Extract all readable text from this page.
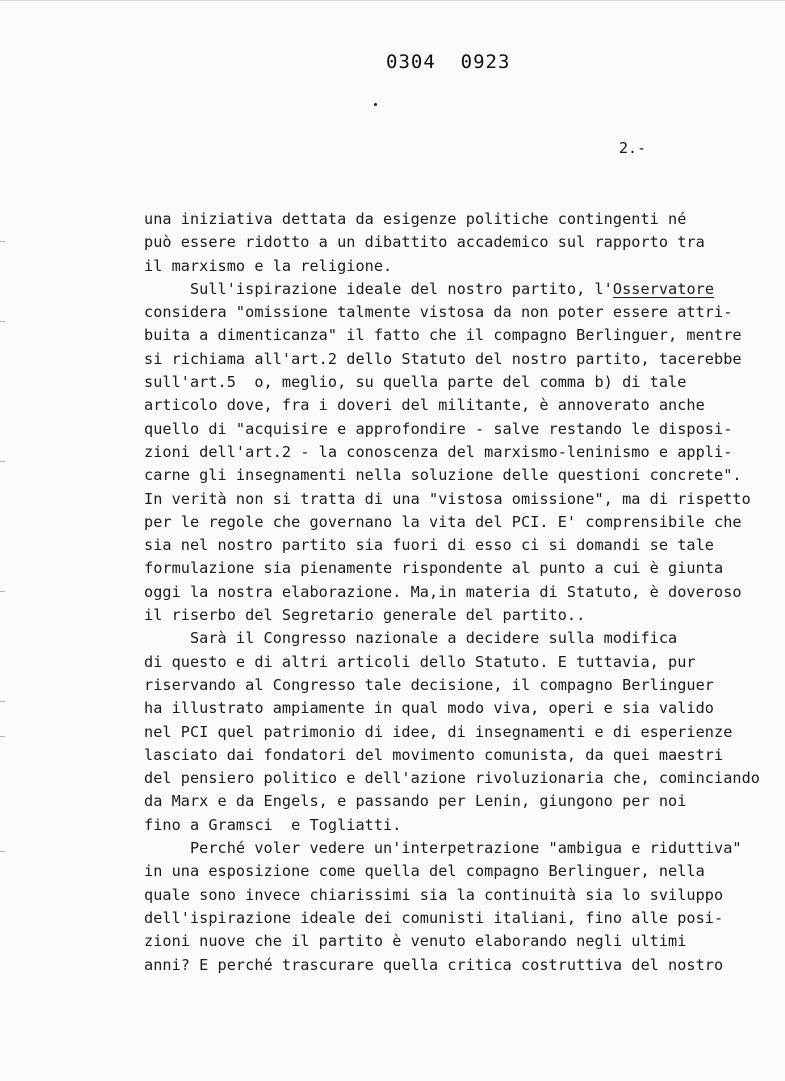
0304  0923
2.-
una iniziativa dettata da esigenze politiche contingenti né
può essere ridotto a un dibattito accademico sul rapporto tra
il marxismo e la religione.
Sull'ispirazione ideale del nostro partito, l'Osservatore
considera "omissione talmente vistosa da non poter essere attri-
buita a dimenticanza" il fatto che il compagno Berlinguer, mentre
si richiama all'art.2 dello Statuto del nostro partito, tacerebbe
sull'art.5  o, meglio, su quella parte del comma b) di tale
articolo dove, fra i doveri del militante, è annoverato anche
quello di "acquisire e approfondire - salve restando le disposi-
zioni dell'art.2 - la conoscenza del marxismo-leninismo e appli-
carne gli insegnamenti nella soluzione delle questioni concrete".
In verità non si tratta di una "vistosa omissione", ma di rispetto
per le regole che governano la vita del PCI. E' comprensibile che
sia nel nostro partito sia fuori di esso ci si domandi se tale
formulazione sia pienamente rispondente al punto a cui è giunta
oggi la nostra elaborazione. Ma,in materia di Statuto, è doveroso
il riserbo del Segretario generale del partito..
Sarà il Congresso nazionale a decidere sulla modifica
di questo e di altri articoli dello Statuto. E tuttavia, pur
riservando al Congresso tale decisione, il compagno Berlinguer
ha illustrato ampiamente in qual modo viva, operi e sia valido
nel PCI quel patrimonio di idee, di insegnamenti e di esperienze
lasciato dai fondatori del movimento comunista, da quei maestri
del pensiero politico e dell'azione rivoluzionaria che, cominciando
da Marx e da Engels, e passando per Lenin, giungono per noi
fino a Gramsci  e Togliatti.
Perché voler vedere un'interpetrazione "ambigua e riduttiva"
in una esposizione come quella del compagno Berlinguer, nella
quale sono invece chiarissimi sia la continuità sia lo sviluppo
dell'ispirazione ideale dei comunisti italiani, fino alle posi-
zioni nuove che il partito è venuto elaborando negli ultimi
anni? E perché trascurare quella critica costruttiva del nostro
